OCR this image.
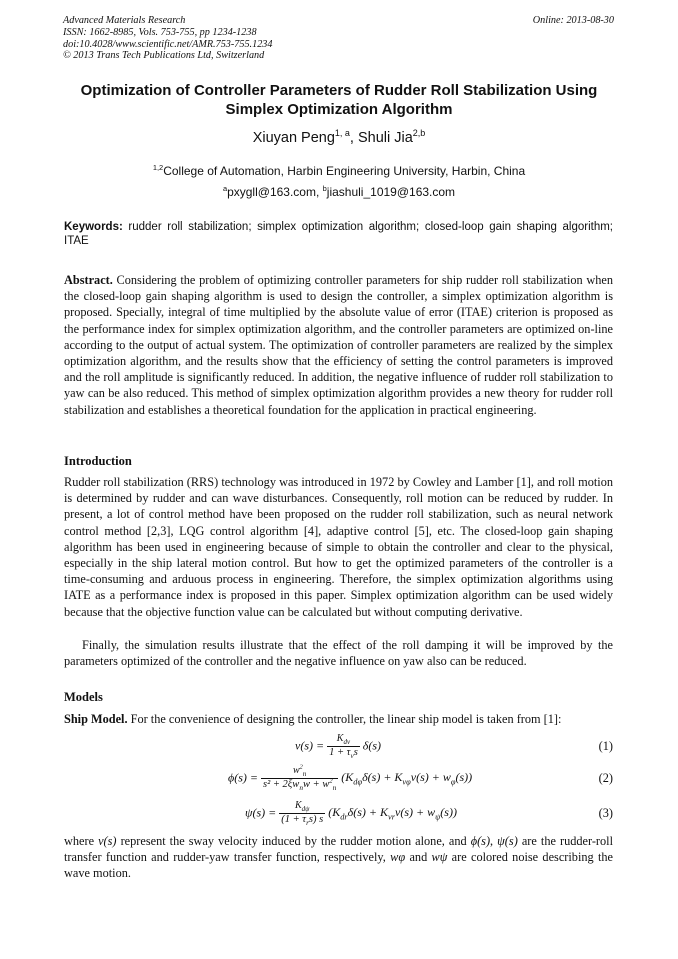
Advanced Materials Research
ISSN: 1662-8985, Vols. 753-755, pp 1234-1238
doi:10.4028/www.scientific.net/AMR.753-755.1234
© 2013 Trans Tech Publications Ltd, Switzerland
Online: 2013-08-30
Optimization of Controller Parameters of Rudder Roll Stabilization Using Simplex Optimization Algorithm
Xiuyan Peng$^{1, a}$, Shuli Jia$^{2,b}$
$^{1,2}$College of Automation, Harbin Engineering University, Harbin, China
$^a$pxygll@163.com, $^b$jiashuli_1019@163.com
Keywords: rudder roll stabilization; simplex optimization algorithm; closed-loop gain shaping algorithm; ITAE
Abstract. Considering the problem of optimizing controller parameters for ship rudder roll stabilization when the closed-loop gain shaping algorithm is used to design the controller, a simplex optimization algorithm is proposed. Specially, integral of time multiplied by the absolute value of error (ITAE) criterion is proposed as the performance index for simplex optimization algorithm, and the controller parameters are optimized on-line according to the output of actual system. The optimization of controller parameters are realized by the simplex optimization algorithm, and the results show that the efficiency of setting the control parameters is improved and the roll amplitude is significantly reduced. In addition, the negative influence of rudder roll stabilization to yaw can be also reduced. This method of simplex optimization algorithm provides a new theory for rudder roll stabilization and establishes a theoretical foundation for the application in practical engineering.
Introduction
Rudder roll stabilization (RRS) technology was introduced in 1972 by Cowley and Lamber [1], and roll motion is determined by rudder and can wave disturbances. Consequently, roll motion can be reduced by rudder. In present, a lot of control method have been proposed on the rudder roll stabilization, such as neural network control method [2,3], LQG control algorithm [4], adaptive control [5], etc. The closed-loop gain shaping algorithm has been used in engineering because of simple to obtain the controller and clear to the physical, especially in the ship lateral motion control. But how to get the optimized parameters of the controller is a time-consuming and arduous process in engineering. Therefore, the simplex optimization algorithms using IATE as a performance index is proposed in this paper. Simplex optimization algorithm can be used widely because that the objective function value can be calculated but without computing derivative.
Finally, the simulation results illustrate that the effect of the roll damping it will be improved by the parameters optimized of the controller and the negative influence on yaw also can be reduced.
Models
Ship Model. For the convenience of designing the controller, the linear ship model is taken from [1]:
$v(s) = \frac{K_{dv}}{1 + \tau_vs} \delta(s)$	(1)
$\phi(s) = \frac{w^2_n}{s^2 + 2\xi w_nw + w^2_n} (K_{d\varphi}\delta(s) + K_{v\varphi}v(s) + w_\varphi(s))$	(2)
$\psi(s) = \frac{K_{d\psi}}{(1 + \tau_rs) s} (K_{dr}\delta(s) + K_{vr}v(s) + w_\psi(s))$	(3)
where v(s) represent the sway velocity induced by the rudder motion alone, and ϕ(s), ψ(s) are the rudder-roll transfer function and rudder-yaw transfer function, respectively, wφ and wψ are colored noise describing the wave motion.
